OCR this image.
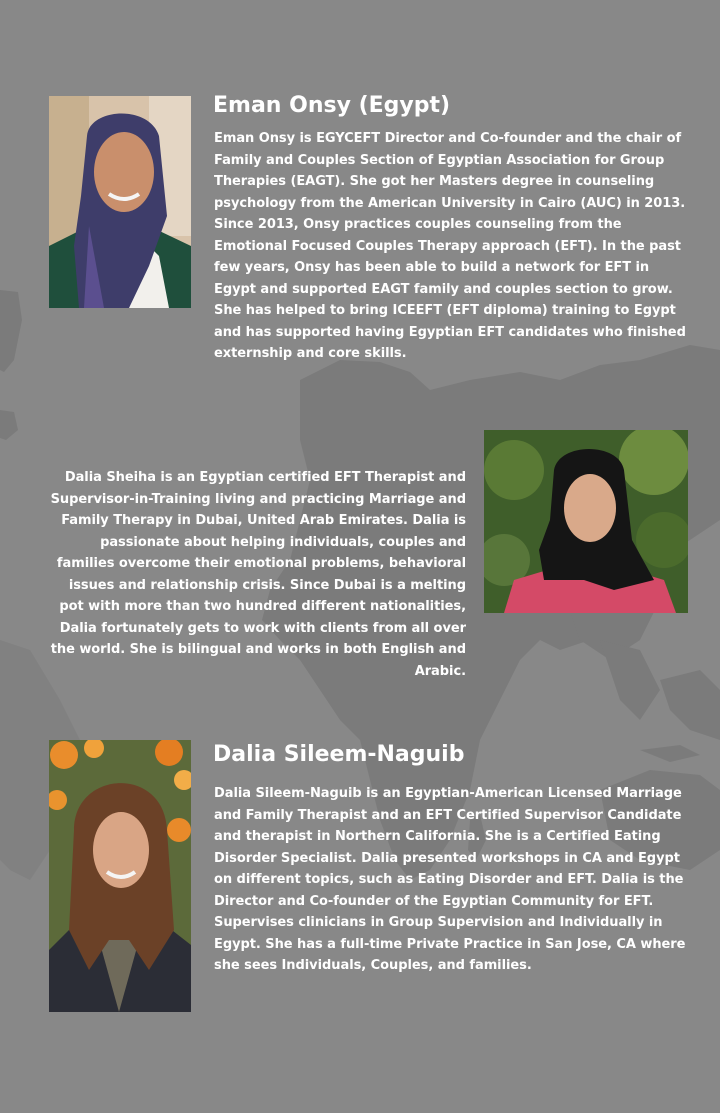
Eman Onsy (Egypt)

Eman Onsy is EGYCEFT Director and Co-founder and the chair of Family and Couples Section of Egyptian Association for Group Therapies (EAGT). She got her Masters degree in counseling psychology from the American University in Cairo (AUC) in 2013. Since 2013, Onsy practices couples counseling from the Emotional Focused Couples Therapy approach (EFT). In the past few years, Onsy has been able to build a network for EFT in Egypt and supported EAGT family and couples section to grow. She has helped to bring ICEEFT (EFT diploma) training to Egypt and has supported having Egyptian EFT candidates who finished externship and core skills.

Dalia Sheiha is an Egyptian certified EFT Therapist and Supervisor-in-Training living and practicing Marriage and Family Therapy in Dubai, United Arab Emirates. Dalia is passionate about helping individuals, couples and families overcome their emotional problems, behavioral issues and relationship crisis. Since Dubai is a melting pot with more than two hundred different nationalities, Dalia fortunately gets to work with clients from all over the world. She is bilingual and works in both English and Arabic.

Dalia Sileem-Naguib

Dalia Sileem-Naguib is an Egyptian-American Licensed Marriage and Family Therapist and an EFT Certified Supervisor Candidate and therapist in Northern California. She is a Certified Eating Disorder Specialist. Dalia presented workshops in CA and Egypt on different topics, such as Eating Disorder and EFT. Dalia is the Director and Co-founder of the Egyptian Community for EFT. Supervises clinicians in Group Supervision and Individually in Egypt. She has a full-time Private Practice in San Jose, CA where she sees Individuals, Couples, and families.
